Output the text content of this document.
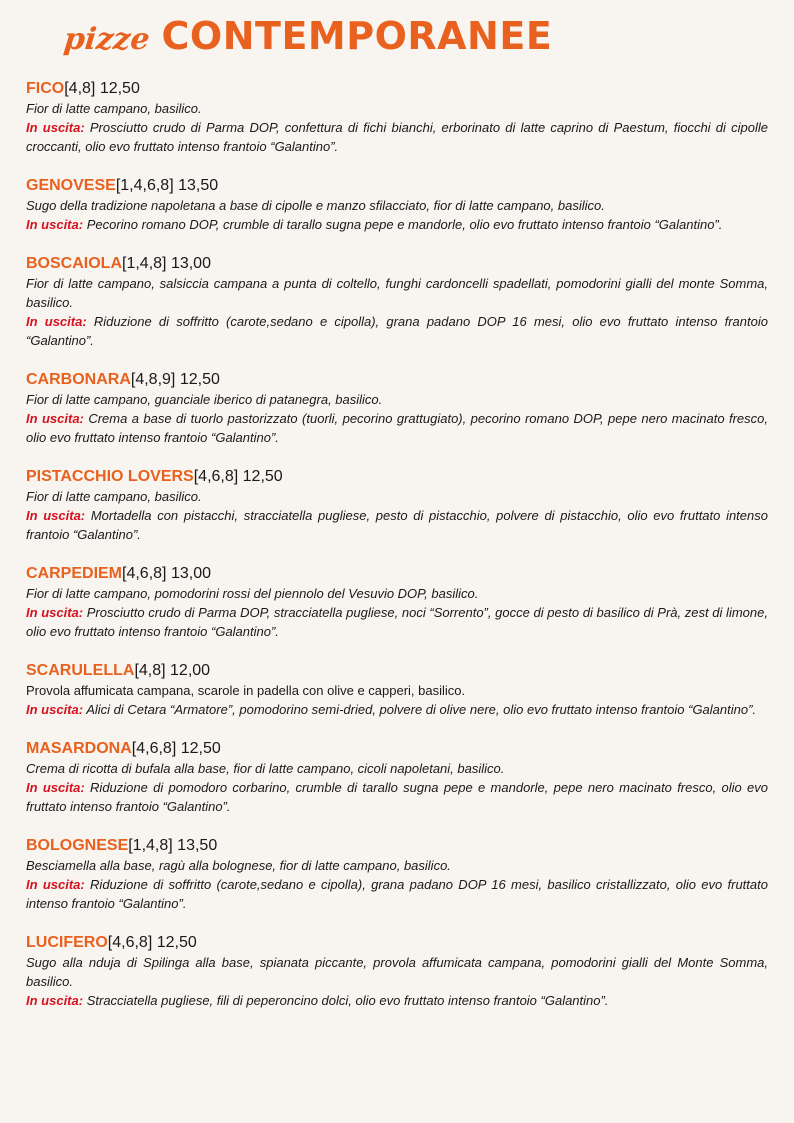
pizze CONTEMPORANEE
FICO[4,8] 12,50
Fior di latte campano, basilico.
In uscita: Prosciutto crudo di Parma DOP, confettura di fichi bianchi, erborinato di latte caprino di Paestum, fiocchi di cipolle croccanti, olio evo fruttato intenso frantoio “Galantino”.
GENOVESE[1,4,6,8] 13,50
Sugo della tradizione napoletana a base di cipolle e manzo sfilacciato, fior di latte campano, basilico.
In uscita: Pecorino romano DOP, crumble di tarallo sugna pepe e mandorle, olio evo fruttato intenso frantoio “Galantino”.
BOSCAIOLA[1,4,8] 13,00
Fior di latte campano, salsiccia campana a punta di coltello, funghi cardoncelli spadellati, pomodorini gialli del monte Somma, basilico.
In uscita: Riduzione di soffritto (carote,sedano e cipolla), grana padano DOP 16 mesi, olio evo fruttato intenso frantoio “Galantino”.
CARBONARA[4,8,9] 12,50
Fior di latte campano, guanciale iberico di patanegra, basilico.
In uscita: Crema a base di tuorlo pastorizzato (tuorli, pecorino grattugiato), pecorino romano DOP, pepe nero macinato fresco, olio evo fruttato intenso frantoio “Galantino”.
PISTACCHIO LOVERS[4,6,8] 12,50
Fior di latte campano, basilico.
In uscita: Mortadella con pistacchi, stracciatella pugliese, pesto di pistacchio, polvere di pistacchio, olio evo fruttato intenso frantoio “Galantino”.
CARPEDIEM[4,6,8] 13,00
Fior di latte campano, pomodorini rossi del piennolo del Vesuvio DOP, basilico.
In uscita: Prosciutto crudo di Parma DOP, stracciatella pugliese, noci “Sorrento”, gocce di pesto di basilico di Prà, zest di limone, olio evo fruttato intenso frantoio “Galantino”.
SCARULELLA[4,8] 12,00
Provola affumicata campana, scarole in padella con olive e capperi, basilico.
In uscita: Alici di Cetara “Armatore”, pomodorino semi-dried, polvere di olive nere, olio evo fruttato intenso frantoio “Galantino”.
MASARDONA[4,6,8] 12,50
Crema di ricotta di bufala alla base, fior di latte campano, cicoli napoletani, basilico.
In uscita: Riduzione di pomodoro corbarino, crumble di tarallo sugna pepe e mandorle, pepe nero macinato fresco, olio evo fruttato intenso frantoio “Galantino”.
BOLOGNESE[1,4,8] 13,50
Besciamella alla base, ragù alla bolognese, fior di latte campano, basilico.
In uscita: Riduzione di soffritto (carote,sedano e cipolla), grana padano DOP 16 mesi, basilico cristallizzato, olio evo fruttato intenso frantoio “Galantino”.
LUCIFERO[4,6,8] 12,50
Sugo alla nduja di Spilinga alla base, spianata piccante, provola affumicata campana, pomodorini gialli del Monte Somma, basilico.
In uscita: Stracciatella pugliese, fili di peperoncino dolci, olio evo fruttato intenso frantoio “Galantino”.
